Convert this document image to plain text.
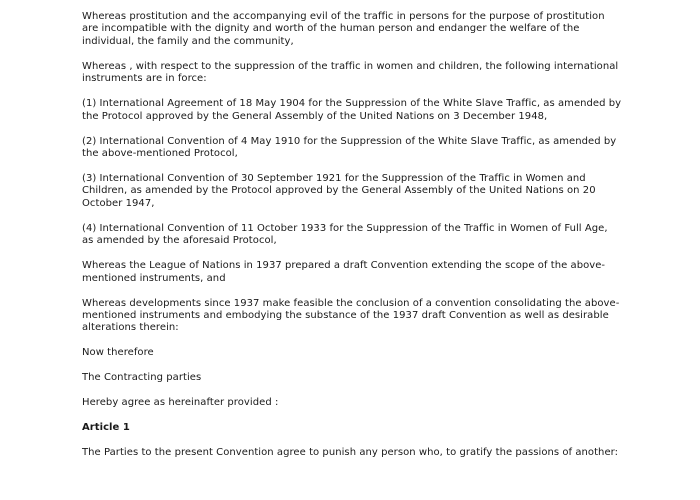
Whereas prostitution and the accompanying evil of the traffic in persons for the purpose of prostitution are incompatible with the dignity and worth of the human person and endanger the welfare of the individual, the family and the community,
Whereas , with respect to the suppression of the traffic in women and children, the following international instruments are in force:
(1) International Agreement of 18 May 1904 for the Suppression of the White Slave Traffic, as amended by the Protocol approved by the General Assembly of the United Nations on 3 December 1948,
(2) International Convention of 4 May 1910 for the Suppression of the White Slave Traffic, as amended by the above-mentioned Protocol,
(3) International Convention of 30 September 1921 for the Suppression of the Traffic in Women and Children, as amended by the Protocol approved by the General Assembly of the United Nations on 20 October 1947,
(4) International Convention of 11 October 1933 for the Suppression of the Traffic in Women of Full Age, as amended by the aforesaid Protocol,
Whereas the League of Nations in 1937 prepared a draft Convention extending the scope of the above-mentioned instruments, and
Whereas developments since 1937 make feasible the conclusion of a convention consolidating the above-mentioned instruments and embodying the substance of the 1937 draft Convention as well as desirable alterations therein:
Now therefore
The Contracting parties
Hereby agree as hereinafter provided :
Article 1
The Parties to the present Convention agree to punish any person who, to gratify the passions of another:
